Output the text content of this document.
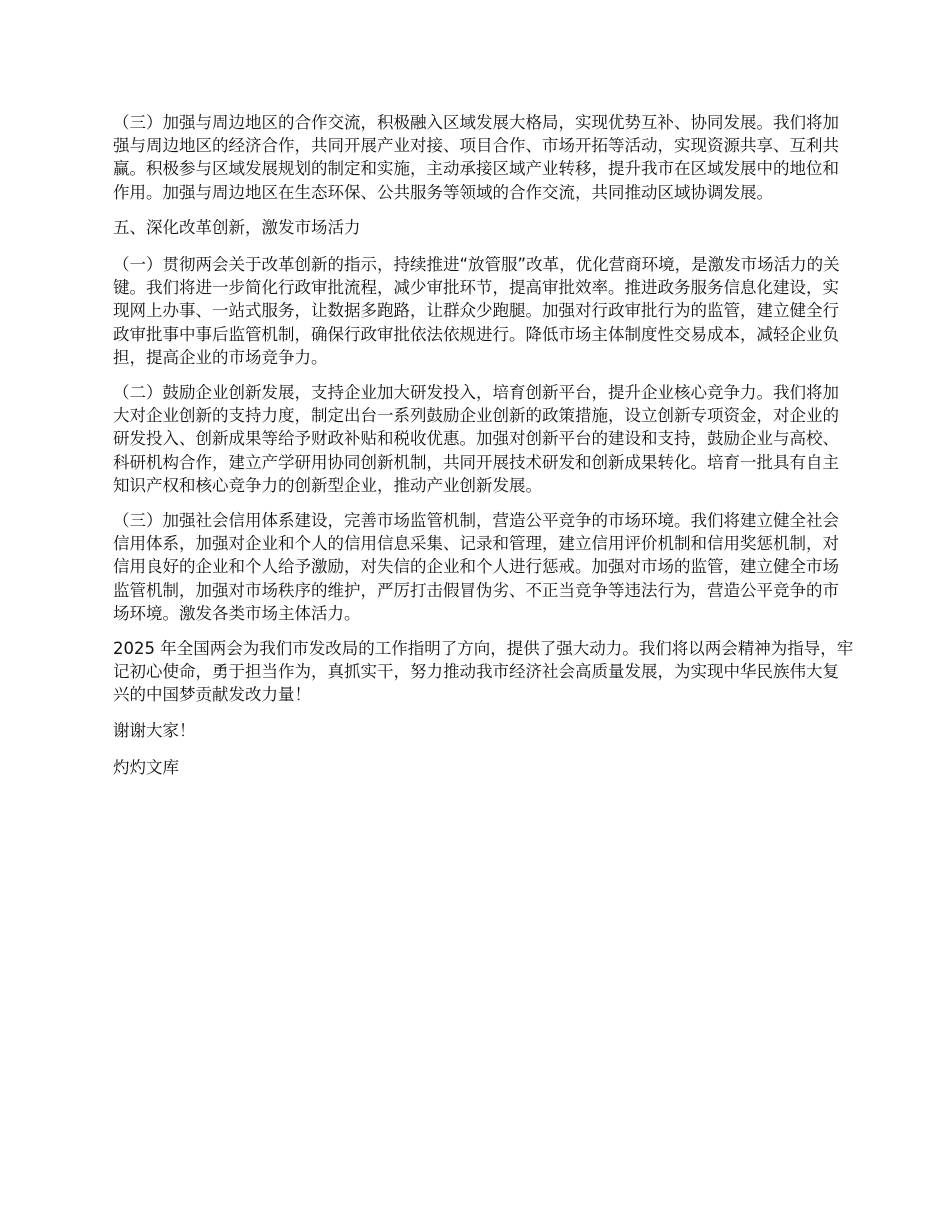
（三）加强与周边地区的合作交流，积极融入区域发展大格局，实现优势互补、协同发展。我们将加强与周边地区的经济合作，共同开展产业对接、项目合作、市场开拓等活动，实现资源共享、互利共赢。积极参与区域发展规划的制定和实施，主动承接区域产业转移，提升我市在区域发展中的地位和作用。加强与周边地区在生态环保、公共服务等领域的合作交流，共同推动区域协调发展。

五、深化改革创新，激发市场活力

（一）贯彻两会关于改革创新的指示，持续推进“放管服”改革，优化营商环境，是激发市场活力的关键。我们将进一步简化行政审批流程，减少审批环节，提高审批效率。推进政务服务信息化建设，实现网上办事、一站式服务，让数据多跑路，让群众少跑腿。加强对行政审批行为的监管，建立健全行政审批事中事后监管机制，确保行政审批依法依规进行。降低市场主体制度性交易成本，减轻企业负担，提高企业的市场竞争力。

（二）鼓励企业创新发展，支持企业加大研发投入，培育创新平台，提升企业核心竞争力。我们将加大对企业创新的支持力度，制定出台一系列鼓励企业创新的政策措施，设立创新专项资金，对企业的研发投入、创新成果等给予财政补贴和税收优惠。加强对创新平台的建设和支持，鼓励企业与高校、科研机构合作，建立产学研用协同创新机制，共同开展技术研发和创新成果转化。培育一批具有自主知识产权和核心竞争力的创新型企业，推动产业创新发展。

（三）加强社会信用体系建设，完善市场监管机制，营造公平竞争的市场环境。我们将建立健全社会信用体系，加强对企业和个人的信用信息采集、记录和管理，建立信用评价机制和信用奖惩机制，对信用良好的企业和个人给予激励，对失信的企业和个人进行惩戒。加强对市场的监管，建立健全市场监管机制，加强对市场秩序的维护，严厉打击假冒伪劣、不正当竞争等违法行为，营造公平竞争的市场环境。激发各类市场主体活力。

2025 年全国两会为我们市发改局的工作指明了方向，提供了强大动力。我们将以两会精神为指导，牢记初心使命，勇于担当作为，真抓实干，努力推动我市经济社会高质量发展，为实现中华民族伟大复兴的中国梦贡献发改力量！

谢谢大家！

灼灼文库
